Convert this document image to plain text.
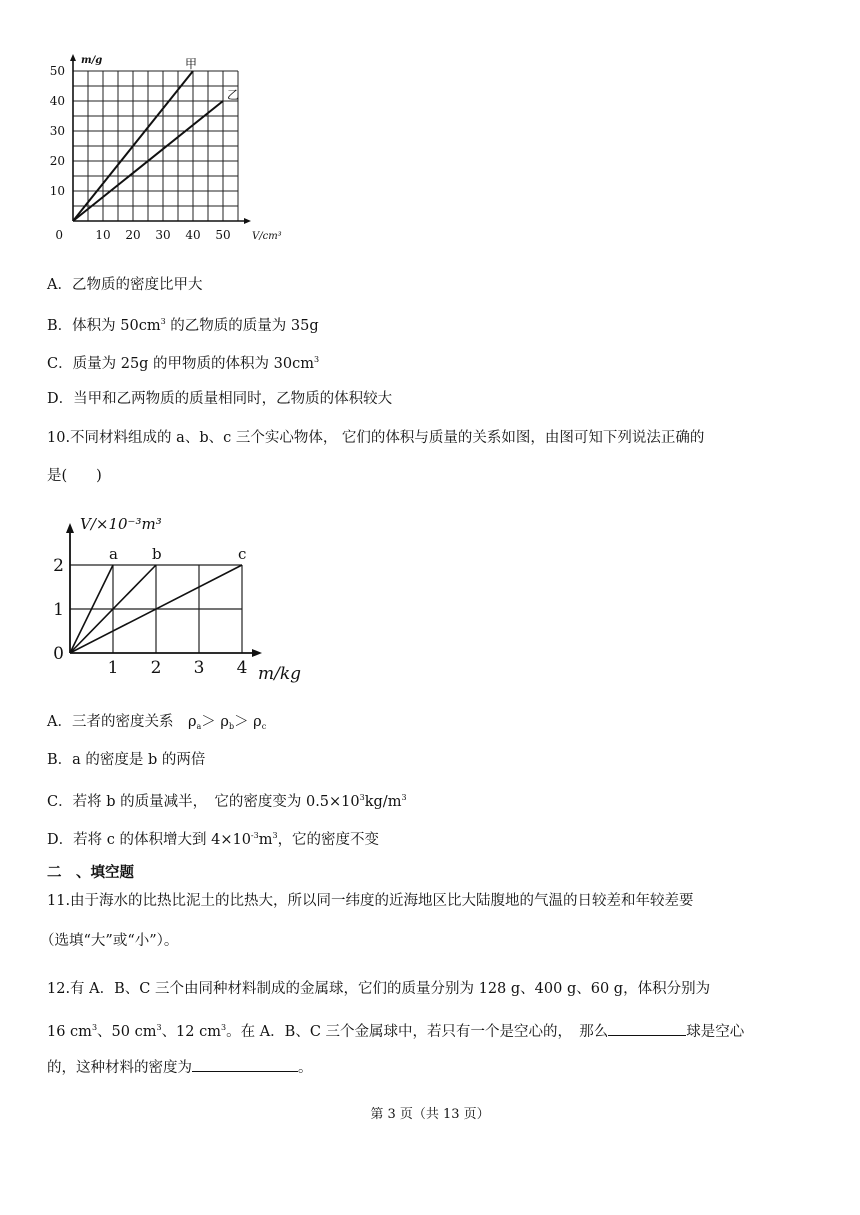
甲
乙
10
20
30
40
50
0	10 20 30 40 50
m/g
V/cm³
A．乙物质的密度比甲大
B．体积为 $50cm^3$ 的乙物质的质量为 35g
C．质量为 25g 的甲物质的体积为 $30cm^3$
D．当甲和乙两物质的质量相同时，乙物质的体积较大
10.不同材料组成的 a、b、c 三个实心物体， 它们的体积与质量的关系如图，由图可知下列说法正确的
是(　　)
a b	c
1
2
0
1 2 3 4
V/×10⁻³m³
m/kg
A．三者的密度关系　$\rho_a> \rho_b> \rho_c$
B．a 的密度是 b 的两倍
C．若将 b 的质量减半，　它的密度变为 $0.5\times 10^3kg/m^3$
D．若将 c 的体积增大到 $4\times 10^{-3}m^3$，它的密度不变
二　、填空题
11.由于海水的比热比泥土的比热大，所以同一纬度的近海地区比大陆腹地的气温的日较差和年较差要
（选填“大”或“小”）。
12.有 A．B、C 三个由同种材料制成的金属球，它们的质量分别为 128 g、400 g、60 g，体积分别为
16 $cm^3$、50 $cm^3$、12 $cm^3$。在 A．B、C 三个金属球中，若只有一个是空心的，　那么	球是空心
的，这种材料的密度为	。
第 3 页（共 13 页）
